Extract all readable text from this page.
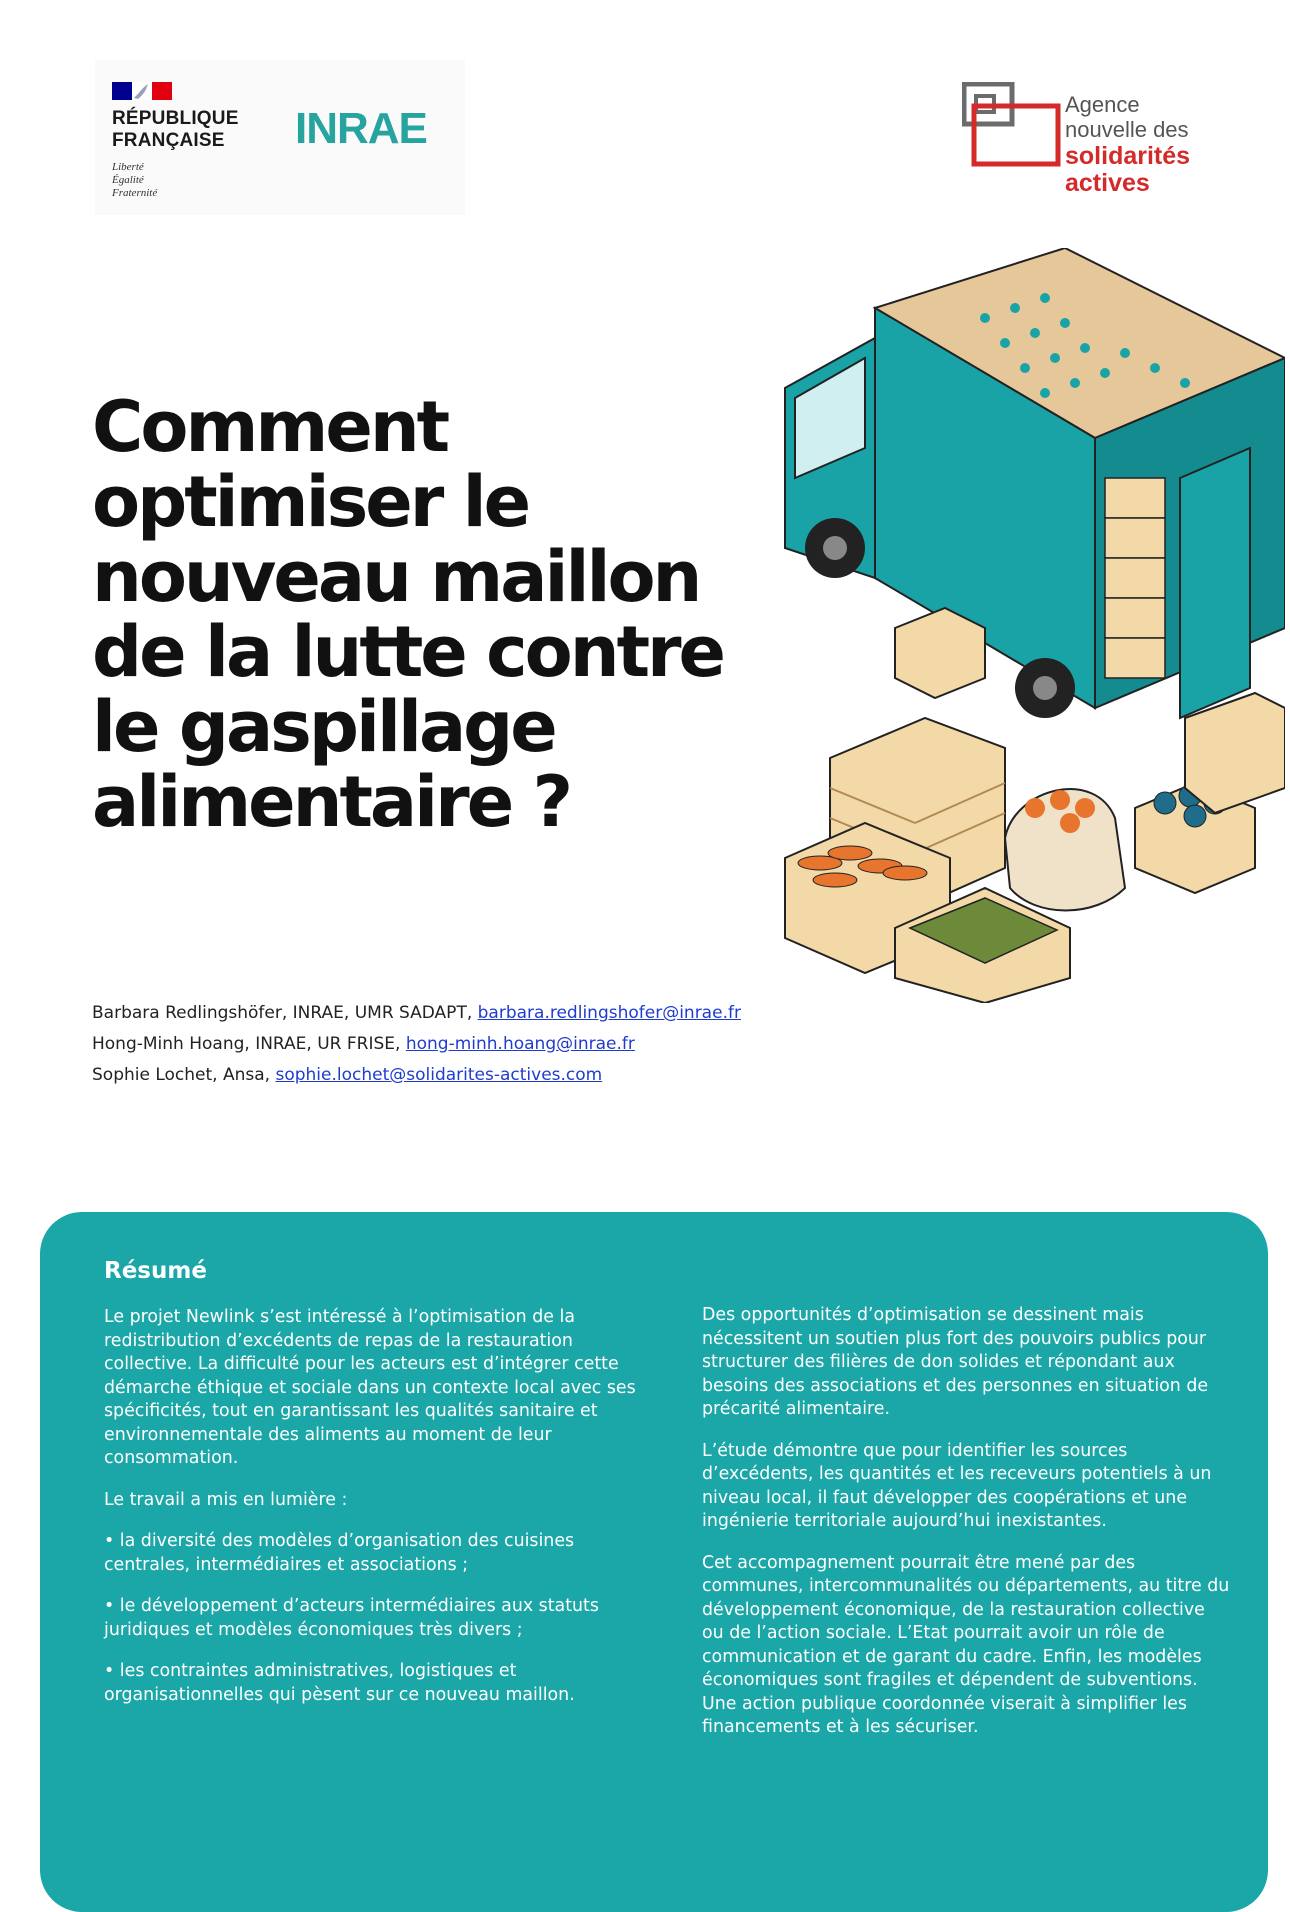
RÉPUBLIQUE
FRANÇAISE
Liberté
Égalité
Fraternité
INRAE	Agence
nouvelle des
solidarités
actives
Comment
optimiser le
nouveau maillon
de la lutte contre
le gaspillage
alimentaire ?
Barbara Redlingshöfer, INRAE, UMR SADAPT, barbara.redlingshofer@inrae.fr
Hong-Minh Hoang, INRAE, UR FRISE, hong-minh.hoang@inrae.fr
Sophie Lochet, Ansa, sophie.lochet@solidarites-actives.com
Résumé

Le projet Newlink s’est intéressé à l’optimisation de la redistribution d’excédents de repas de la restauration collective. La difficulté pour les acteurs est d’intégrer cette démarche éthique et sociale dans un contexte local avec ses spécificités, tout en garantissant les qualités sanitaire et environnementale des aliments au moment de leur consommation.

Le travail a mis en lumière :

• la diversité des modèles d’organisation des cuisines centrales, intermédiaires et associations ;

• le développement d’acteurs intermédiaires aux statuts juridiques et modèles économiques très divers ;

• les contraintes administratives, logistiques et organisationnelles qui pèsent sur ce nouveau maillon.

Des opportunités d’optimisation se dessinent mais nécessitent un soutien plus fort des pouvoirs publics pour structurer des filières de don solides et répondant aux besoins des associations et des personnes en situation de précarité alimentaire.

L’étude démontre que pour identifier les sources d’excédents, les quantités et les receveurs potentiels à un niveau local, il faut développer des coopérations et une ingénierie territoriale aujourd’hui inexistantes.

Cet accompagnement pourrait être mené par des communes, intercommunalités ou départements, au titre du développement économique, de la restauration collective ou de l’action sociale. L’Etat pourrait avoir un rôle de communication et de garant du cadre. Enfin, les modèles économiques sont fragiles et dépendent de subventions. Une action publique coordonnée viserait à simplifier les financements et à les sécuriser.
